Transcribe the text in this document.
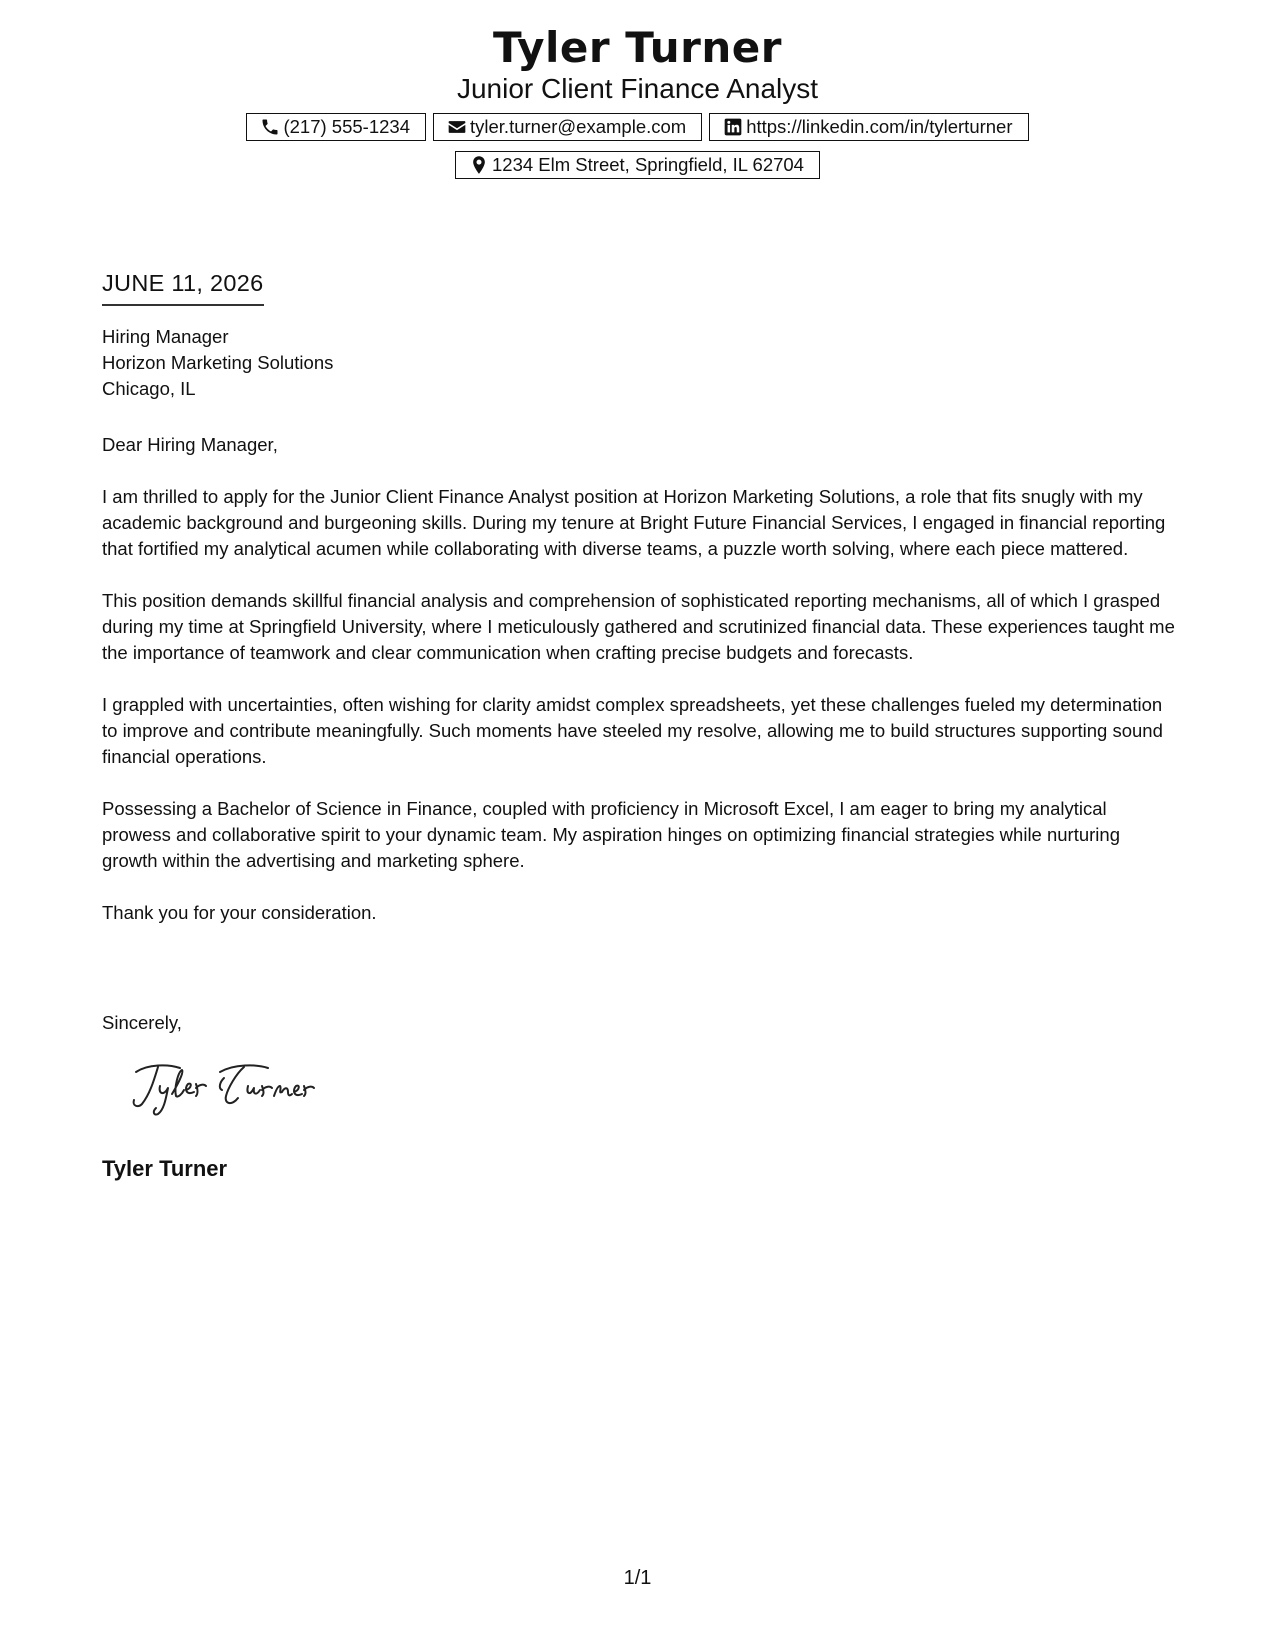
Tyler Turner
Junior Client Finance Analyst
(217) 555-1234	tyler.turner@example.com	https://linkedin.com/in/tylerturner
1234 Elm Street, Springfield, IL 62704
JUNE 11, 2026
Hiring Manager
Horizon Marketing Solutions
Chicago, IL

Dear Hiring Manager,

I am thrilled to apply for the Junior Client Finance Analyst position at Horizon Marketing Solutions, a role that fits snugly with my academic background and burgeoning skills. During my tenure at Bright Future Financial Services, I engaged in financial reporting that fortified my analytical acumen while collaborating with diverse teams, a puzzle worth solving, where each piece mattered.

This position demands skillful financial analysis and comprehension of sophisticated reporting mechanisms, all of which I grasped during my time at Springfield University, where I meticulously gathered and scrutinized financial data. These experiences taught me the importance of teamwork and clear communication when crafting precise budgets and forecasts.

I grappled with uncertainties, often wishing for clarity amidst complex spreadsheets, yet these challenges fueled my determination to improve and contribute meaningfully. Such moments have steeled my resolve, allowing me to build structures supporting sound financial operations.

Possessing a Bachelor of Science in Finance, coupled with proficiency in Microsoft Excel, I am eager to bring my analytical prowess and collaborative spirit to your dynamic team. My aspiration hinges on optimizing financial strategies while nurturing growth within the advertising and marketing sphere.

Thank you for your consideration.

Sincerely,
Tyler Turner
1/1
